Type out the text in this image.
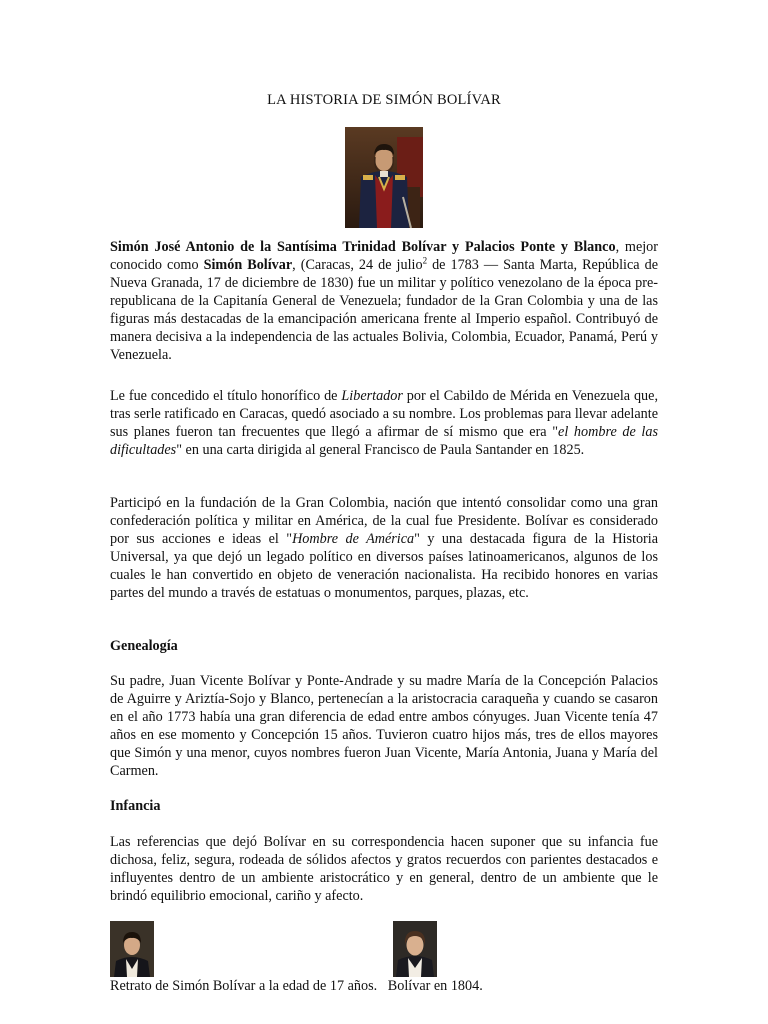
LA HISTORIA DE SIMÓN BOLÍVAR

Simón José Antonio de la Santísima Trinidad Bolívar y Palacios Ponte y Blanco, mejor conocido como Simón Bolívar, (Caracas, 24 de julio$^2$ de 1783 — Santa Marta, República de Nueva Granada, 17 de diciembre de 1830) fue un militar y político venezolano de la época pre-republicana de la Capitanía General de Venezuela; fundador de la Gran Colombia y una de las figuras más destacadas de la emancipación americana frente al Imperio español. Contribuyó de manera decisiva a la independencia de las actuales Bolivia, Colombia, Ecuador, Panamá, Perú y Venezuela.

Le fue concedido el título honorífico de Libertador por el Cabildo de Mérida en Venezuela que, tras serle ratificado en Caracas, quedó asociado a su nombre. Los problemas para llevar adelante sus planes fueron tan frecuentes que llegó a afirmar de sí mismo que era "el hombre de las dificultades" en una carta dirigida al general Francisco de Paula Santander en 1825.

Participó en la fundación de la Gran Colombia, nación que intentó consolidar como una gran confederación política y militar en América, de la cual fue Presidente. Bolívar es considerado por sus acciones e ideas el "Hombre de América" y una destacada figura de la Historia Universal, ya que dejó un legado político en diversos países latinoamericanos, algunos de los cuales le han convertido en objeto de veneración nacionalista. Ha recibido honores en varias partes del mundo a través de estatuas o monumentos, parques, plazas, etc.

Genealogía

Su padre, Juan Vicente Bolívar y Ponte-Andrade y su madre María de la Concepción Palacios de Aguirre y Ariztía-Sojo y Blanco, pertenecían a la aristocracia caraqueña y cuando se casaron en el año 1773 había una gran diferencia de edad entre ambos cónyuges. Juan Vicente tenía 47 años en ese momento y Concepción 15 años. Tuvieron cuatro hijos más, tres de ellos mayores que Simón y una menor, cuyos nombres fueron Juan Vicente, María Antonia, Juana y María del Carmen.

Infancia

Las referencias que dejó Bolívar en su correspondencia hacen suponer que su infancia fue dichosa, feliz, segura, rodeada de sólidos afectos y gratos recuerdos con parientes destacados e influyentes dentro de un ambiente aristocrático y en general, dentro de un ambiente que le brindó equilibrio emocional, cariño y afecto.

Retrato de Simón Bolívar a la edad de 17 años. Bolívar en 1804.
